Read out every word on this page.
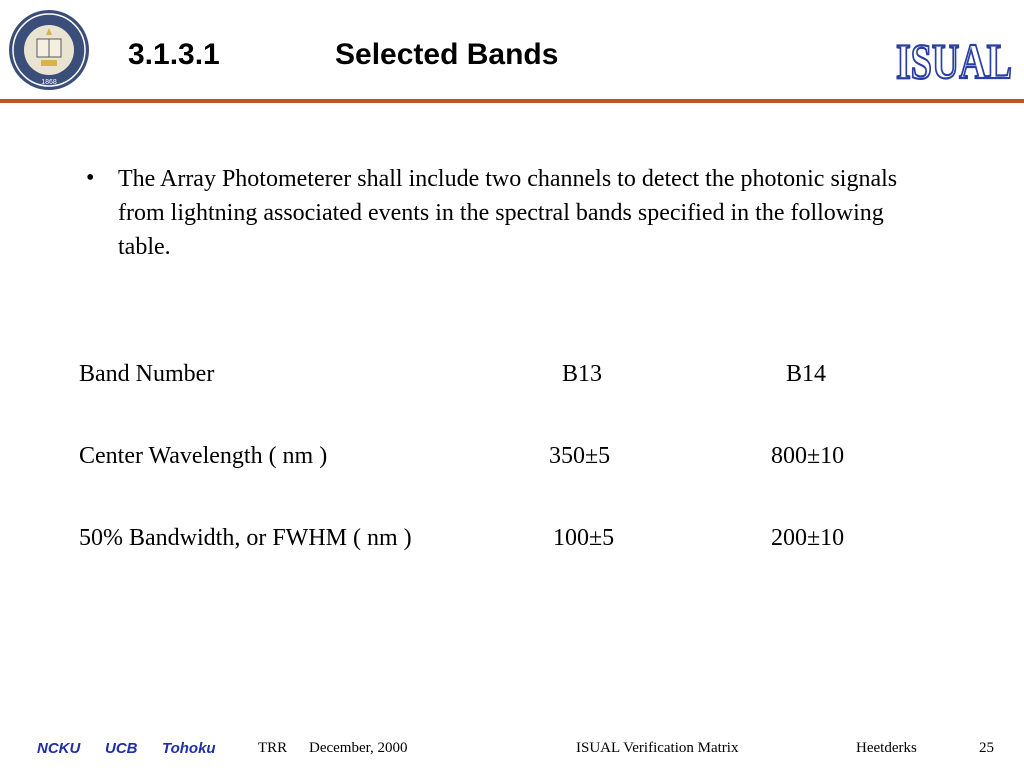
1868
3.1.3.1	Selected Bands	ISUAL
• The Array Photometerer shall include two channels to detect the photonic signals from lightning associated events in the spectral bands specified in the following table.
Band Number	B13	B14
Center Wavelength ( nm )	350±5	800±10
50% Bandwidth, or FWHM ( nm )	100±5	200±10
NCKU UCB Tohoku	TRR December, 2000	ISUAL Verification Matrix	Heetderks	25
